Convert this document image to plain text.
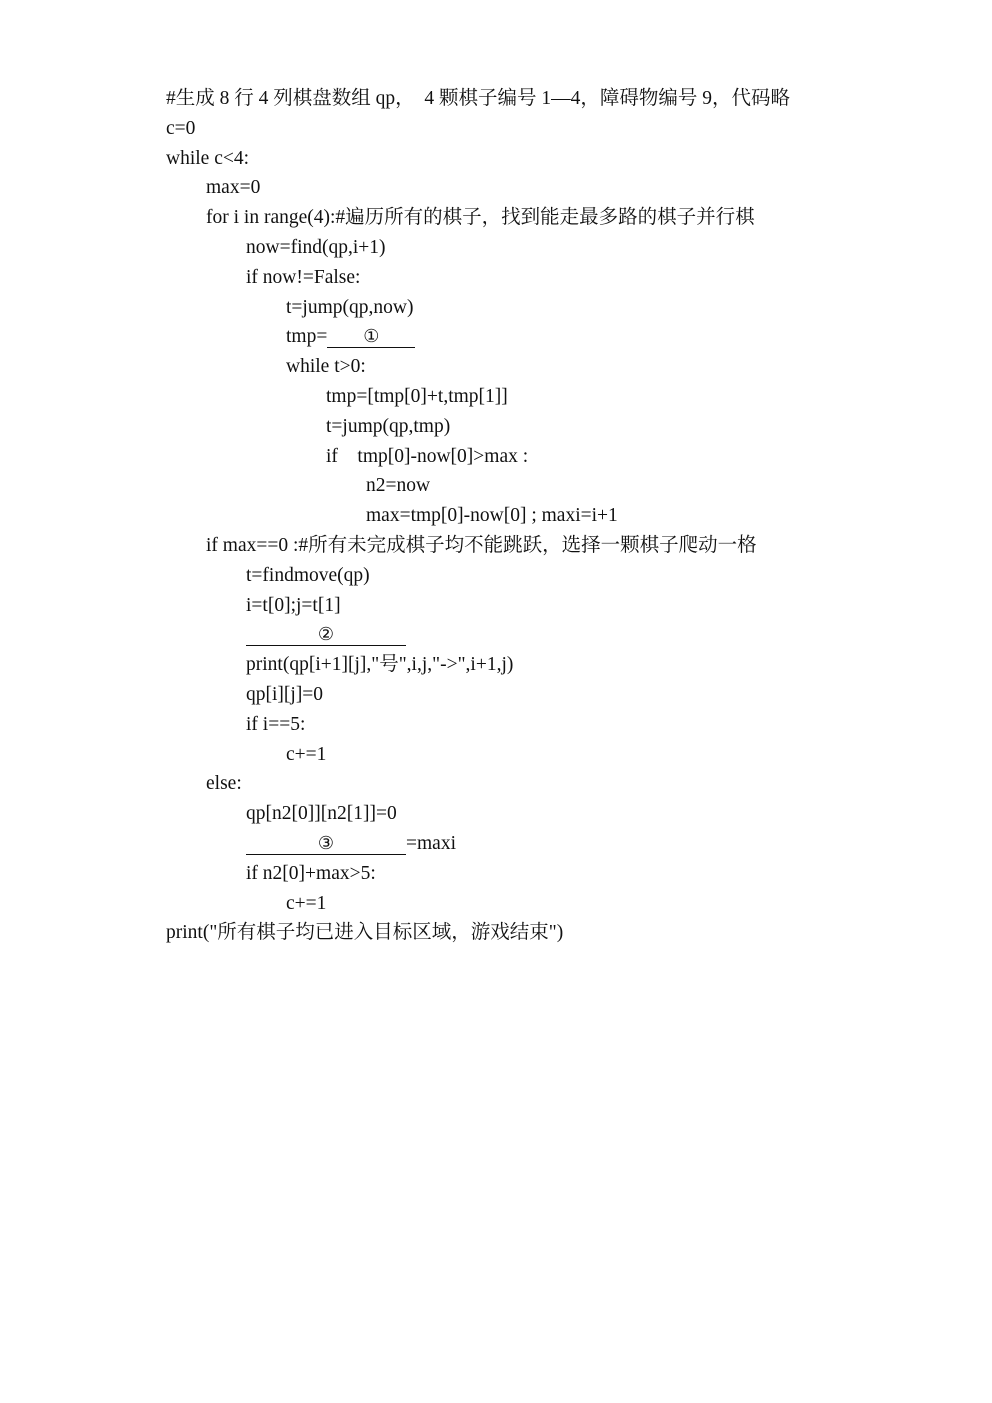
#生成 8 行 4 列棋盘数组 qp，  4 颗棋子编号 1—4，障碍物编号 9，代码略
c=0
while c<4:
max=0
for i in range(4):#遍历所有的棋子，找到能走最多路的棋子并行棋
now=find(qp,i+1)
if now!=False:
t=jump(qp,now)
tmp= ①
while t>0:
tmp=[tmp[0]+t,tmp[1]]
t=jump(qp,tmp)
if    tmp[0]-now[0]>max :
n2=now
max=tmp[0]-now[0] ; maxi=i+1
if max==0 :#所有未完成棋子均不能跳跃，选择一颗棋子爬动一格
t=findmove(qp)
i=t[0];j=t[1]
②
print(qp[i+1][j],"号",i,j,"->",i+1,j)
qp[i][j]=0
if i==5:
c+=1
else:
qp[n2[0]][n2[1]]=0
③	=maxi
if n2[0]+max>5:
c+=1
print("所有棋子均已进入目标区域，游戏结束")
